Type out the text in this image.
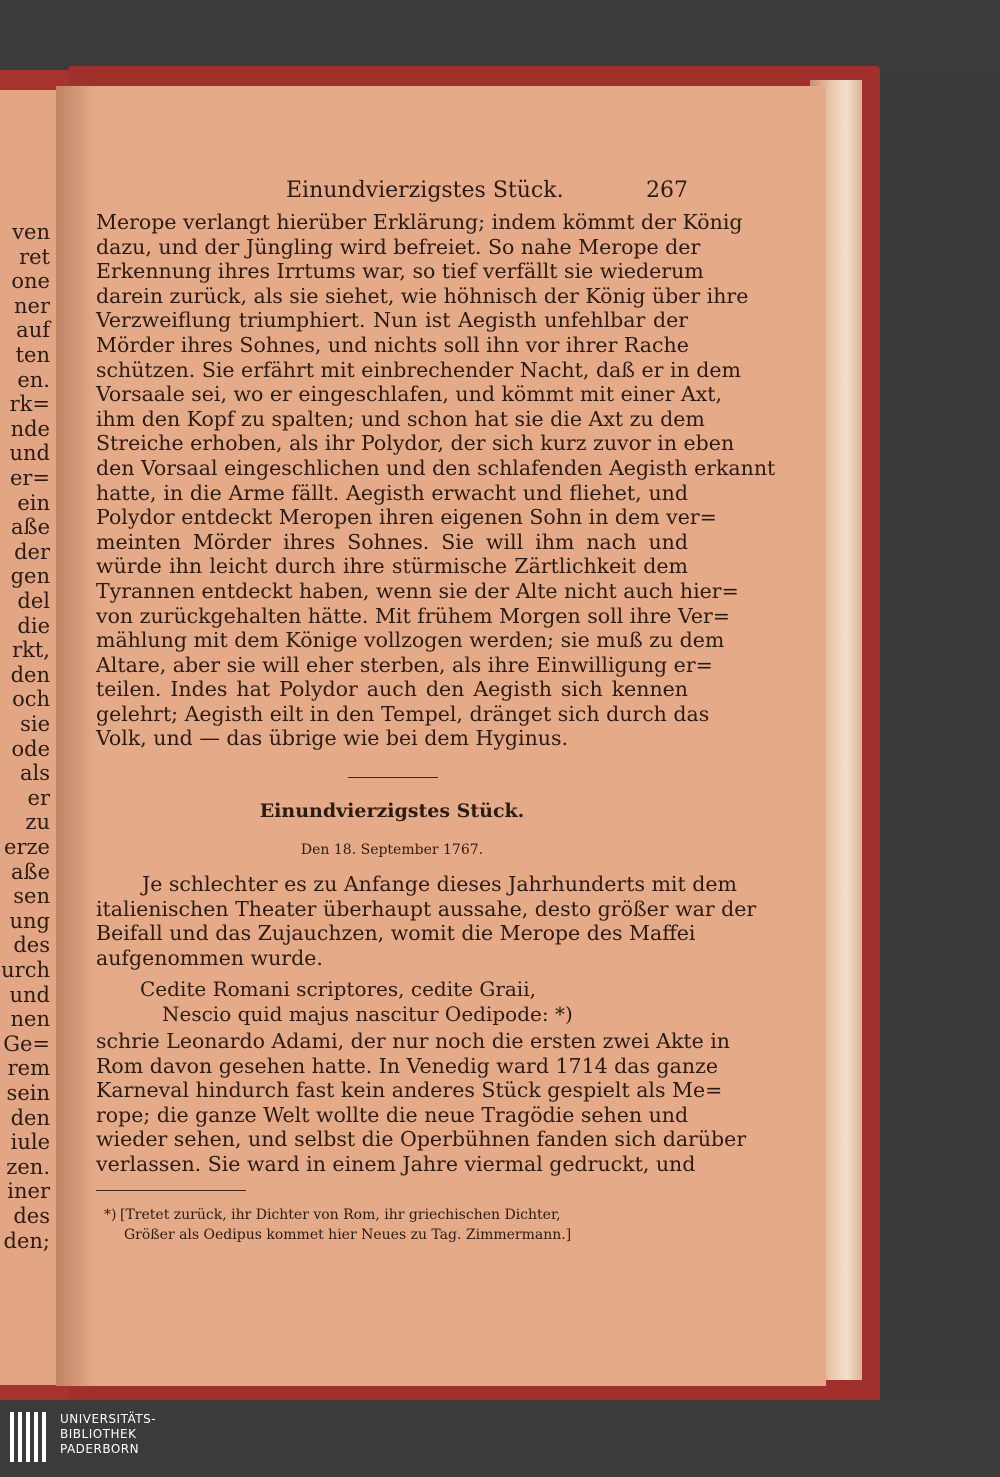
ven
ret
one
ner
auf
ten
en.
rk=
nde
und
er=
ein
aße
der
gen
del
die
rkt,
den
och
sie
ode
als
er
zu
erze
aße
sen
ung
des
urch
und
nen
Ge=
rem
sein
den
iule
zen.
iner
des
den;
Einundvierzigstes Stück.	267
Merope verlangt hierüber Erklärung; indem kömmt der König
dazu, und der Jüngling wird befreiet. So nahe Merope der
Erkennung ihres Irrtums war, so tief verfällt sie wiederum
darein zurück, als sie siehet, wie höhnisch der König über ihre
Verzweiflung triumphiert. Nun ist Aegisth unfehlbar der
Mörder ihres Sohnes, und nichts soll ihn vor ihrer Rache
schützen. Sie erfährt mit einbrechender Nacht, daß er in dem
Vorsaale sei, wo er eingeschlafen, und kömmt mit einer Axt,
ihm den Kopf zu spalten; und schon hat sie die Axt zu dem
Streiche erhoben, als ihr Polydor, der sich kurz zuvor in eben
den Vorsaal eingeschlichen und den schlafenden Aegisth erkannt
hatte, in die Arme fällt. Aegisth erwacht und fliehet, und
Polydor entdeckt Meropen ihren eigenen Sohn in dem ver=
meinten Mörder ihres Sohnes. Sie will ihm nach und
würde ihn leicht durch ihre stürmische Zärtlichkeit dem
Tyrannen entdeckt haben, wenn sie der Alte nicht auch hier=
von zurückgehalten hätte. Mit frühem Morgen soll ihre Ver=
mählung mit dem Könige vollzogen werden; sie muß zu dem
Altare, aber sie will eher sterben, als ihre Einwilligung er=
teilen. Indes hat Polydor auch den Aegisth sich kennen
gelehrt; Aegisth eilt in den Tempel, dränget sich durch das
Volk, und — das übrige wie bei dem Hyginus.
Einundvierzigstes Stück.
Den 18. September 1767.
Je schlechter es zu Anfange dieses Jahrhunderts mit dem
italienischen Theater überhaupt aussahe, desto größer war der
Beifall und das Zujauchzen, womit die Merope des Maffei
aufgenommen wurde.
Cedite Romani scriptores, cedite Graii,
Nescio quid majus nascitur Oedipode: *)
schrie Leonardo Adami, der nur noch die ersten zwei Akte in
Rom davon gesehen hatte. In Venedig ward 1714 das ganze
Karneval hindurch fast kein anderes Stück gespielt als Me=
rope; die ganze Welt wollte die neue Tragödie sehen und
wieder sehen, und selbst die Operbühnen fanden sich darüber
verlassen. Sie ward in einem Jahre viermal gedruckt, und
*) [Tretet zurück, ihr Dichter von Rom, ihr griechischen Dichter,
Größer als Oedipus kommet hier Neues zu Tag. Zimmermann.]
UNIVERSITÄTS-
BIBLIOTHEK
PADERBORN
